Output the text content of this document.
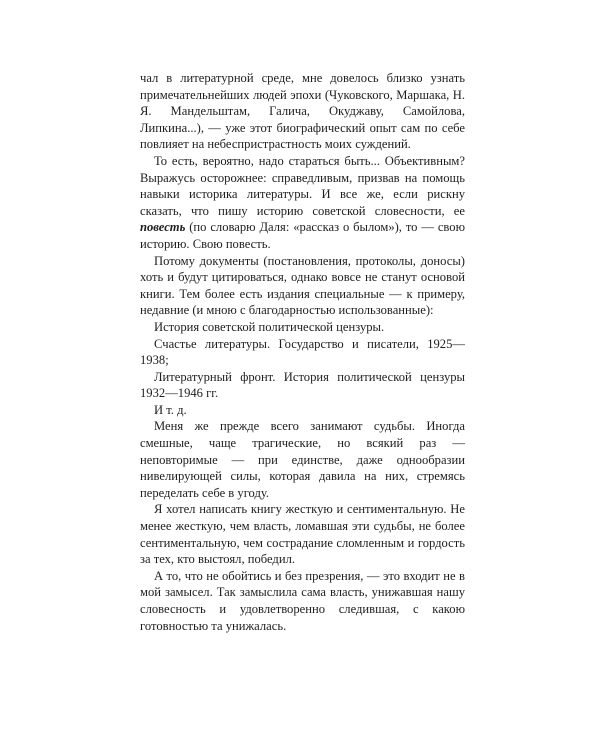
чал в литературной среде, мне довелось близко узнать примечательнейших людей эпохи (Чуковского, Маршака, Н. Я. Мандельштам, Галича, Окуджаву, Самойлова, Липкина...), — уже этот биографический опыт сам по себе повлияет на небеспристрастность моих суждений.

То есть, вероятно, надо стараться быть... Объективным? Выражусь осторожнее: справедливым, призвав на помощь навыки историка литературы. И все же, если рискну сказать, что пишу историю советской словесности, ее повесть (по словарю Даля: «рассказ о былом»), то — свою историю. Свою повесть.

Потому документы (постановления, протоколы, доносы) хоть и будут цитироваться, однако вовсе не станут основой книги. Тем более есть издания специальные — к примеру, недавние (и мною с благодарностью использованные):

История советской политической цензуры.

Счастье литературы. Государство и писатели, 1925—1938;

Литературный фронт. История политической цензуры 1932—1946 гг.

И т. д.

Меня же прежде всего занимают судьбы. Иногда смешные, чаще трагические, но всякий раз — неповторимые — при единстве, даже однообразии нивелирующей силы, которая давила на них, стремясь переделать себе в угоду.

Я хотел написать книгу жесткую и сентиментальную. Не менее жесткую, чем власть, ломавшая эти судьбы, не более сентиментальную, чем сострадание сломленным и гордость за тех, кто выстоял, победил.

А то, что не обойтись и без презрения, — это входит не в мой замысел. Так замыслила сама власть, унижавшая нашу словесность и удовлетворенно следившая, с какою готовностью та унижалась.
